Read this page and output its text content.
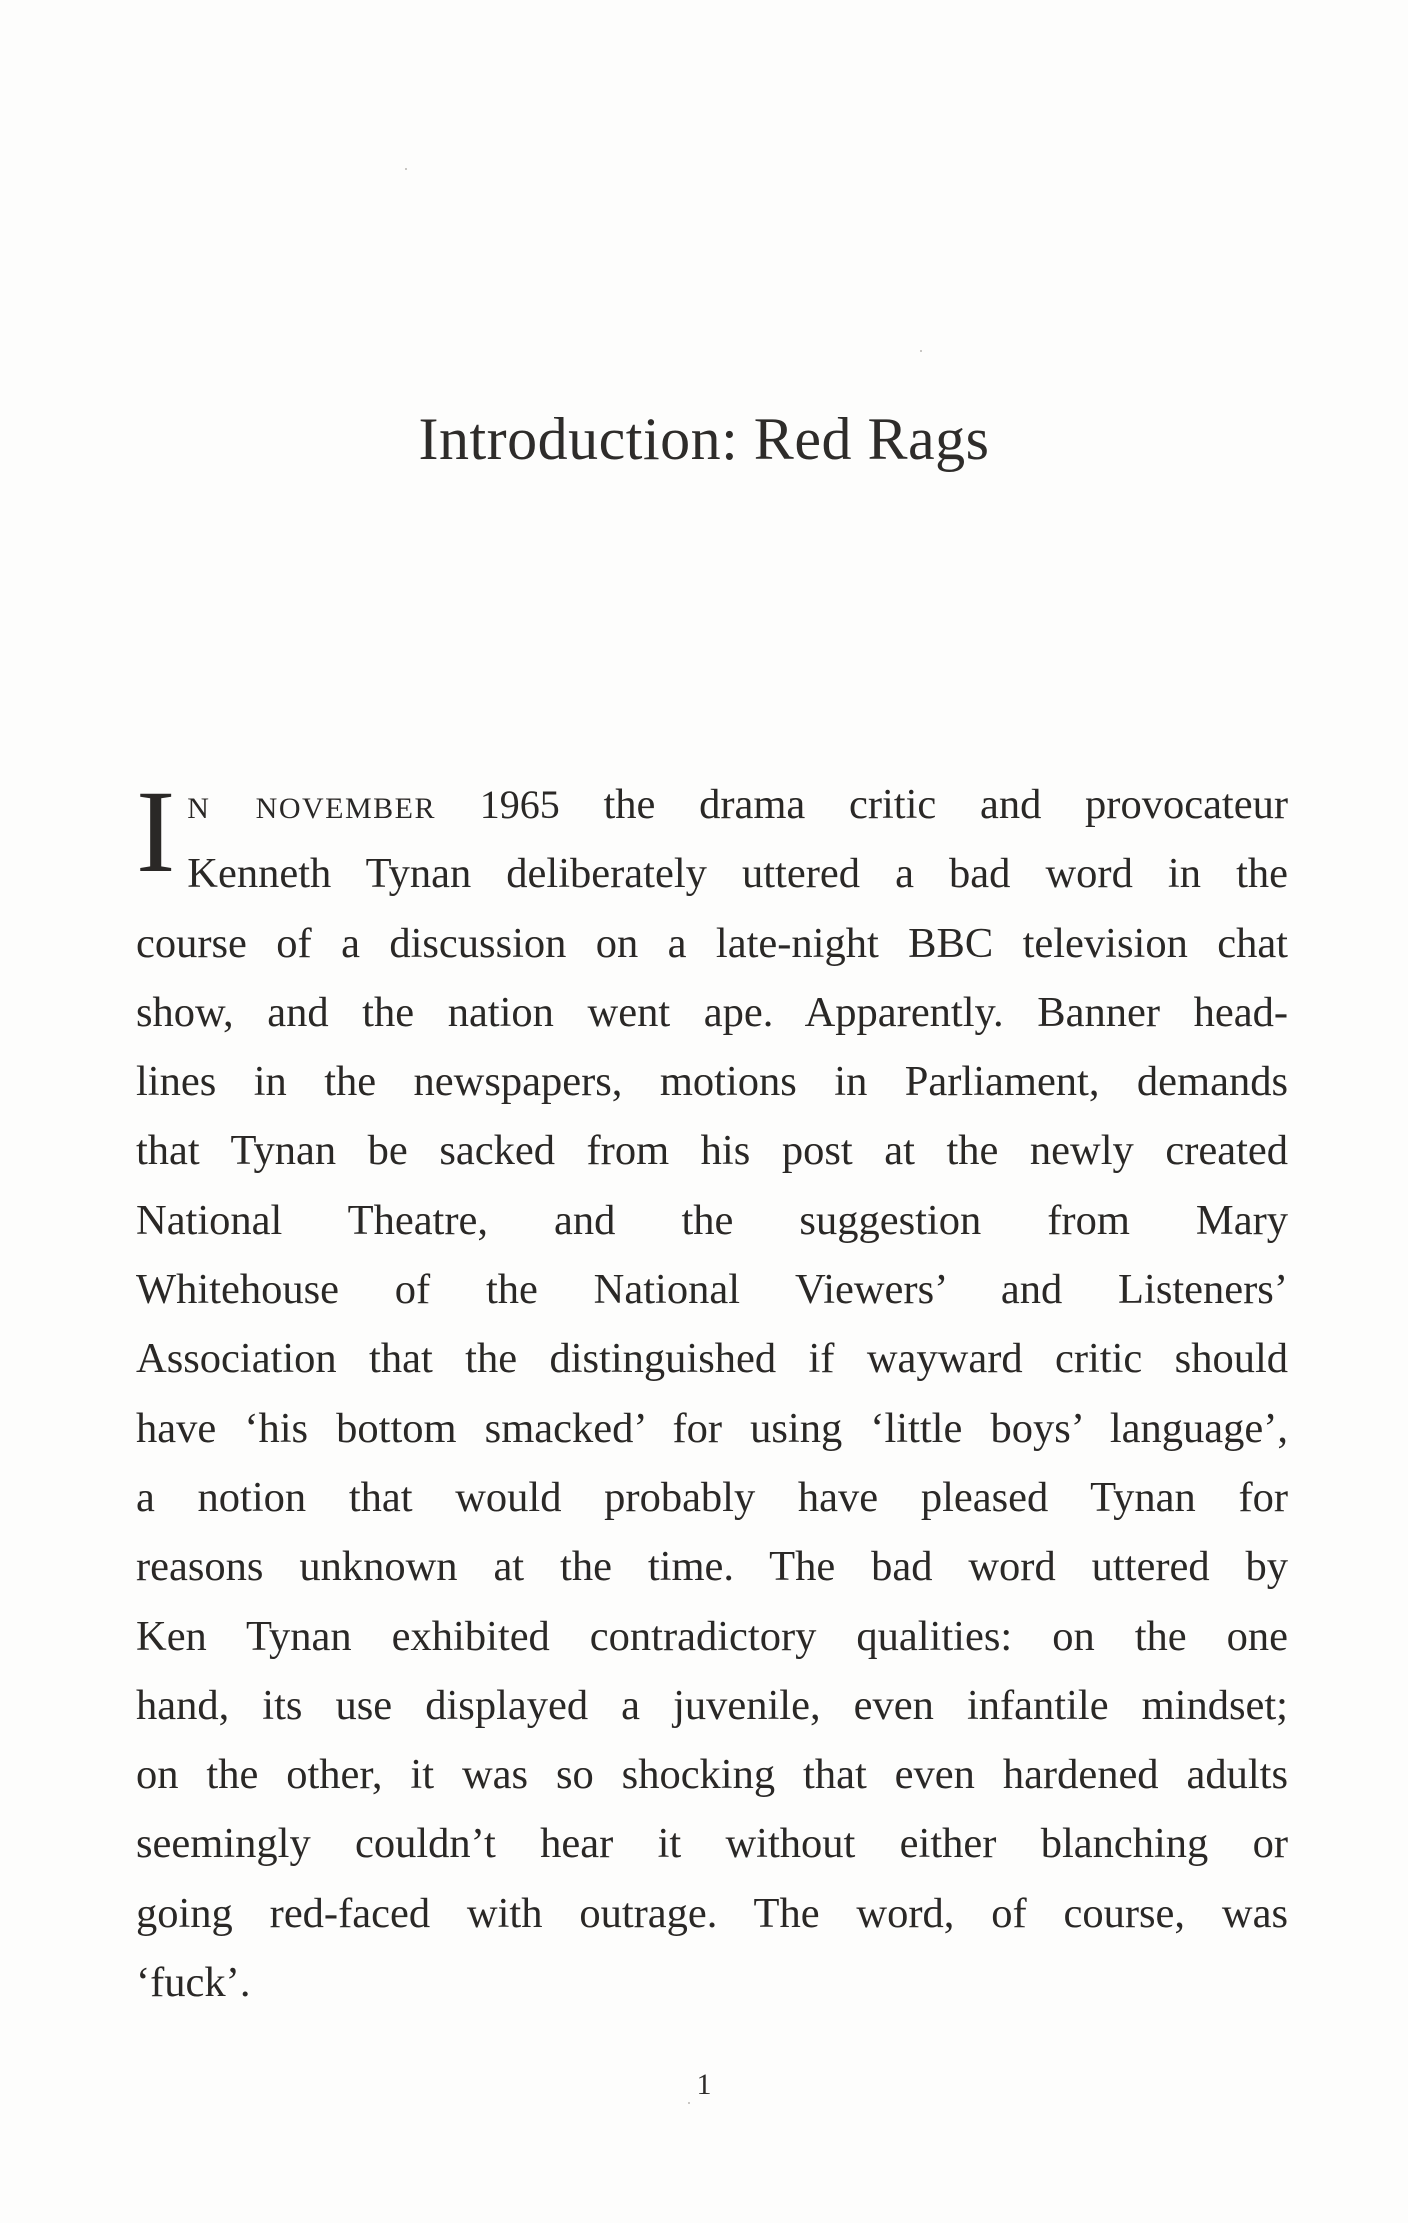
Introduction: Red Rags
I n november 1965 the drama critic and provocateur
Kenneth Tynan deliberately uttered a bad word in the
course of a discussion on a late-night BBC television chat
show, and the nation went ape. Apparently. Banner head-
lines in the newspapers, motions in Parliament, demands
that Tynan be sacked from his post at the newly created
National Theatre, and the suggestion from Mary
Whitehouse of the National Viewers’ and Listeners’
Association that the distinguished if wayward critic should
have ‘his bottom smacked’ for using ‘little boys’ language’,
a notion that would probably have pleased Tynan for
reasons unknown at the time. The bad word uttered by
Ken Tynan exhibited contradictory qualities: on the one
hand, its use displayed a juvenile, even infantile mindset;
on the other, it was so shocking that even hardened adults
seemingly couldn’t hear it without either blanching or
going red-faced with outrage. The word, of course, was
‘fuck’.
1
